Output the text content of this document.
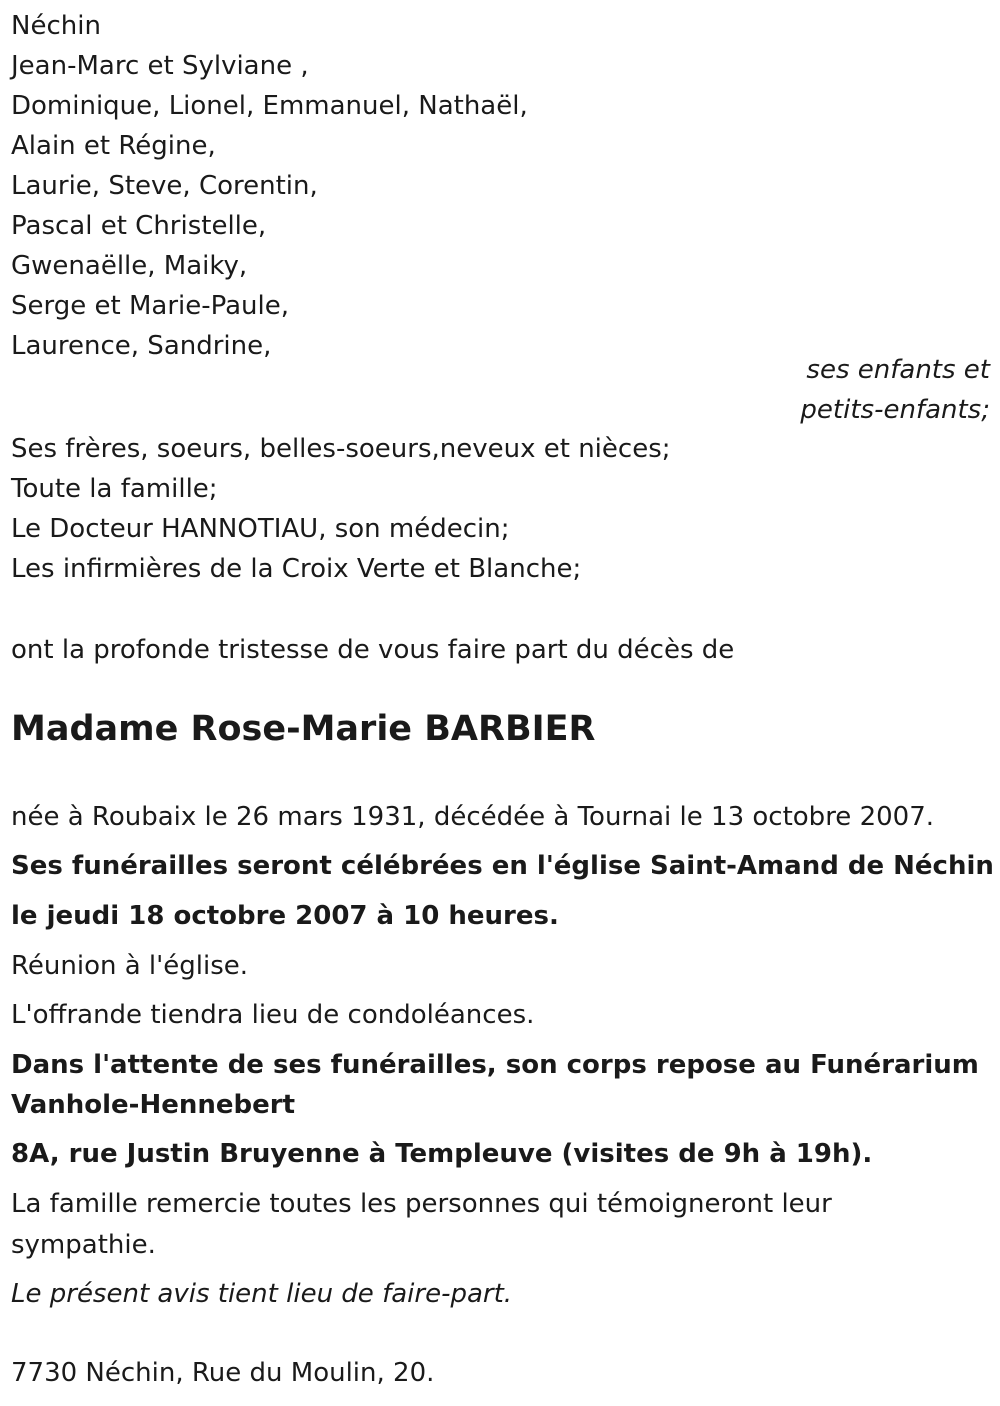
Néchin
Jean-Marc et Sylviane ,
Dominique, Lionel, Emmanuel, Nathaël,
Alain et Régine,
Laurie, Steve, Corentin,
Pascal et Christelle,
Gwenaëlle, Maiky,
Serge et Marie-Paule,
Laurence, Sandrine,
ses enfants et
petits-enfants;
Ses frères, soeurs, belles-soeurs,neveux et nièces;
Toute la famille;
Le Docteur HANNOTIAU, son médecin;
Les infirmières de la Croix Verte et Blanche;
ont la profonde tristesse de vous faire part du décès de
Madame Rose-Marie BARBIER
née à Roubaix le 26 mars 1931, décédée à Tournai le 13 octobre 2007.
Ses funérailles seront célébrées en l'église Saint-Amand de Néchin
le jeudi 18 octobre 2007 à 10 heures.
Réunion à l'église.
L'offrande tiendra lieu de condoléances.
Dans l'attente de ses funérailles, son corps repose au Funérarium
Vanhole-Hennebert
8A, rue Justin Bruyenne à Templeuve (visites de 9h à 19h).
La famille remercie toutes les personnes qui témoigneront leur
sympathie.
Le présent avis tient lieu de faire-part.
7730 Néchin, Rue du Moulin, 20.
